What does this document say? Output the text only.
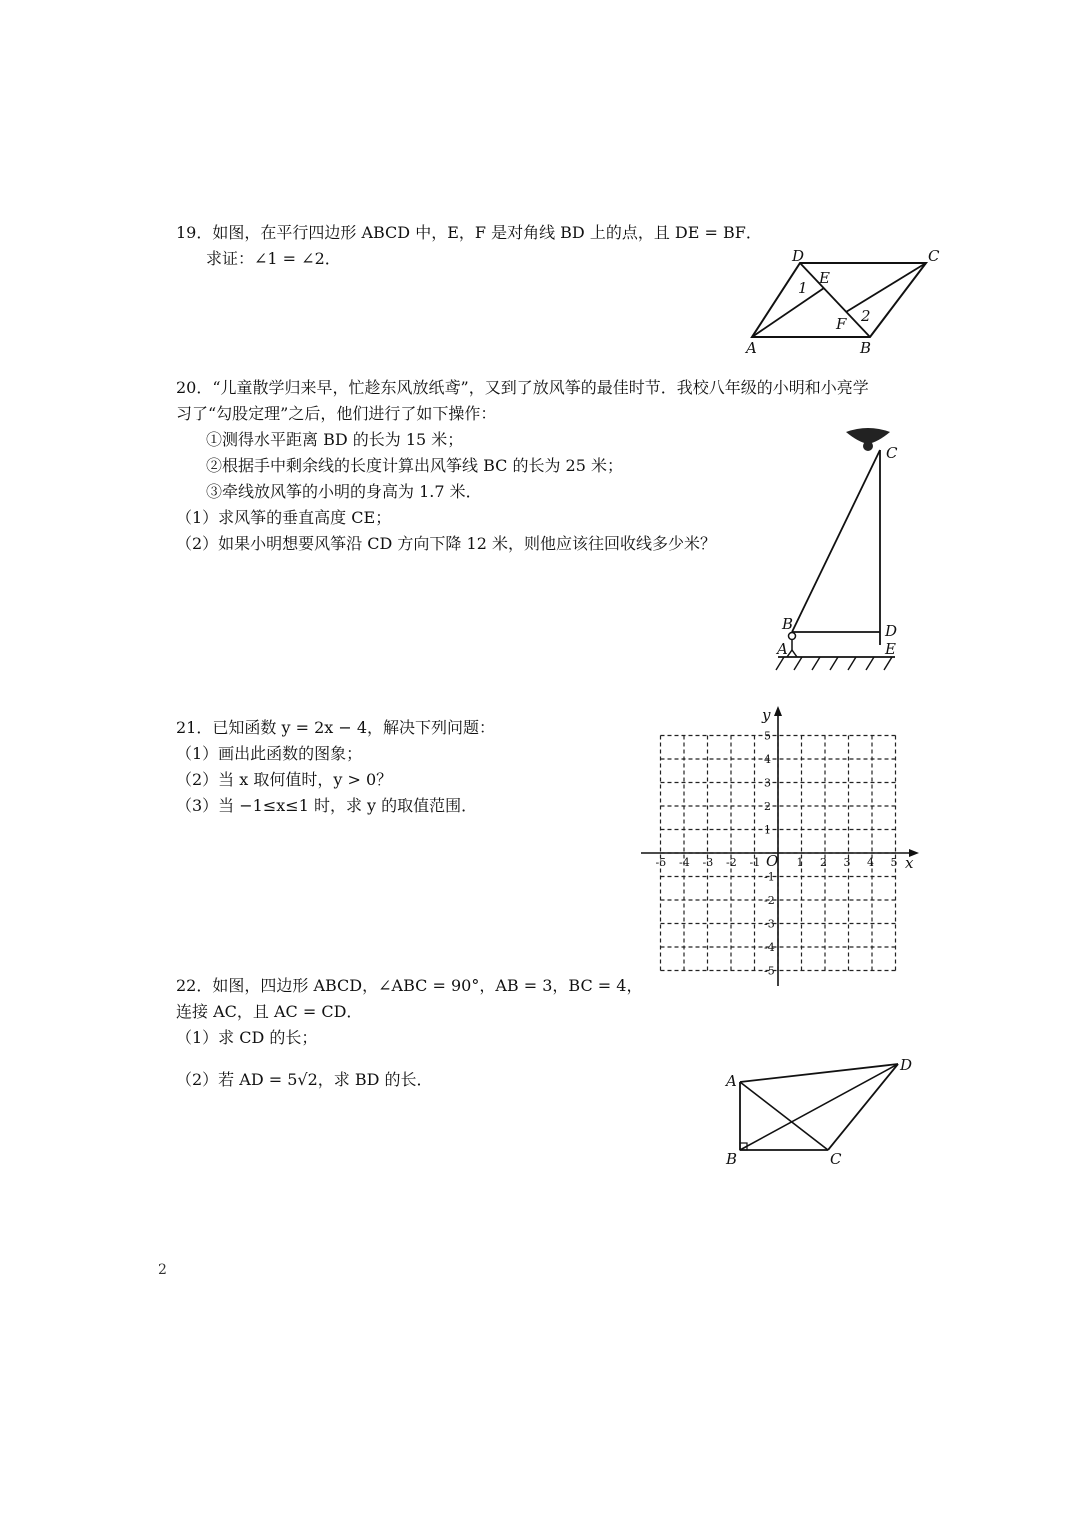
19．如图，在平行四边形 ABCD 中，E，F 是对角线 BD 上的点，且 DE = BF．
求证：∠1 = ∠2．	D	C
A	B
E
F
1
2
20．“儿童散学归来早，忙趁东风放纸鸢”，又到了放风筝的最佳时节．我校八年级的小明和小亮学
习了“勾股定理”之后，他们进行了如下操作：
①测得水平距离 BD 的长为 15 米；
②根据手中剩余线的长度计算出风筝线 BC 的长为 25 米；
③牵线放风筝的小明的身高为 1.7 米．
（1）求风筝的垂直高度 CE；
（2）如果小明想要风筝沿 CD 方向下降 12 米，则他应该往回收线多少米？
C
B
A
D
E
21．已知函数 y = 2x − 4，解决下列问题：
（1）画出此函数的图象；
（2）当 x 取何值时，y > 0？
（3）当 −1≤x≤1 时，求 y 的取值范围．
x
y
O
-5 -4 -3 -2 -1	1 2 3 4 5
5
4
3
2
1
-1
-2
-3
-4
-5
22．如图，四边形 ABCD，∠ABC = 90°，AB = 3，BC = 4，
连接 AC，且 AC = CD．
（1）求 CD 的长；
（2）若 AD = 5√2，求 BD 的长．	A
B	C
D
2
